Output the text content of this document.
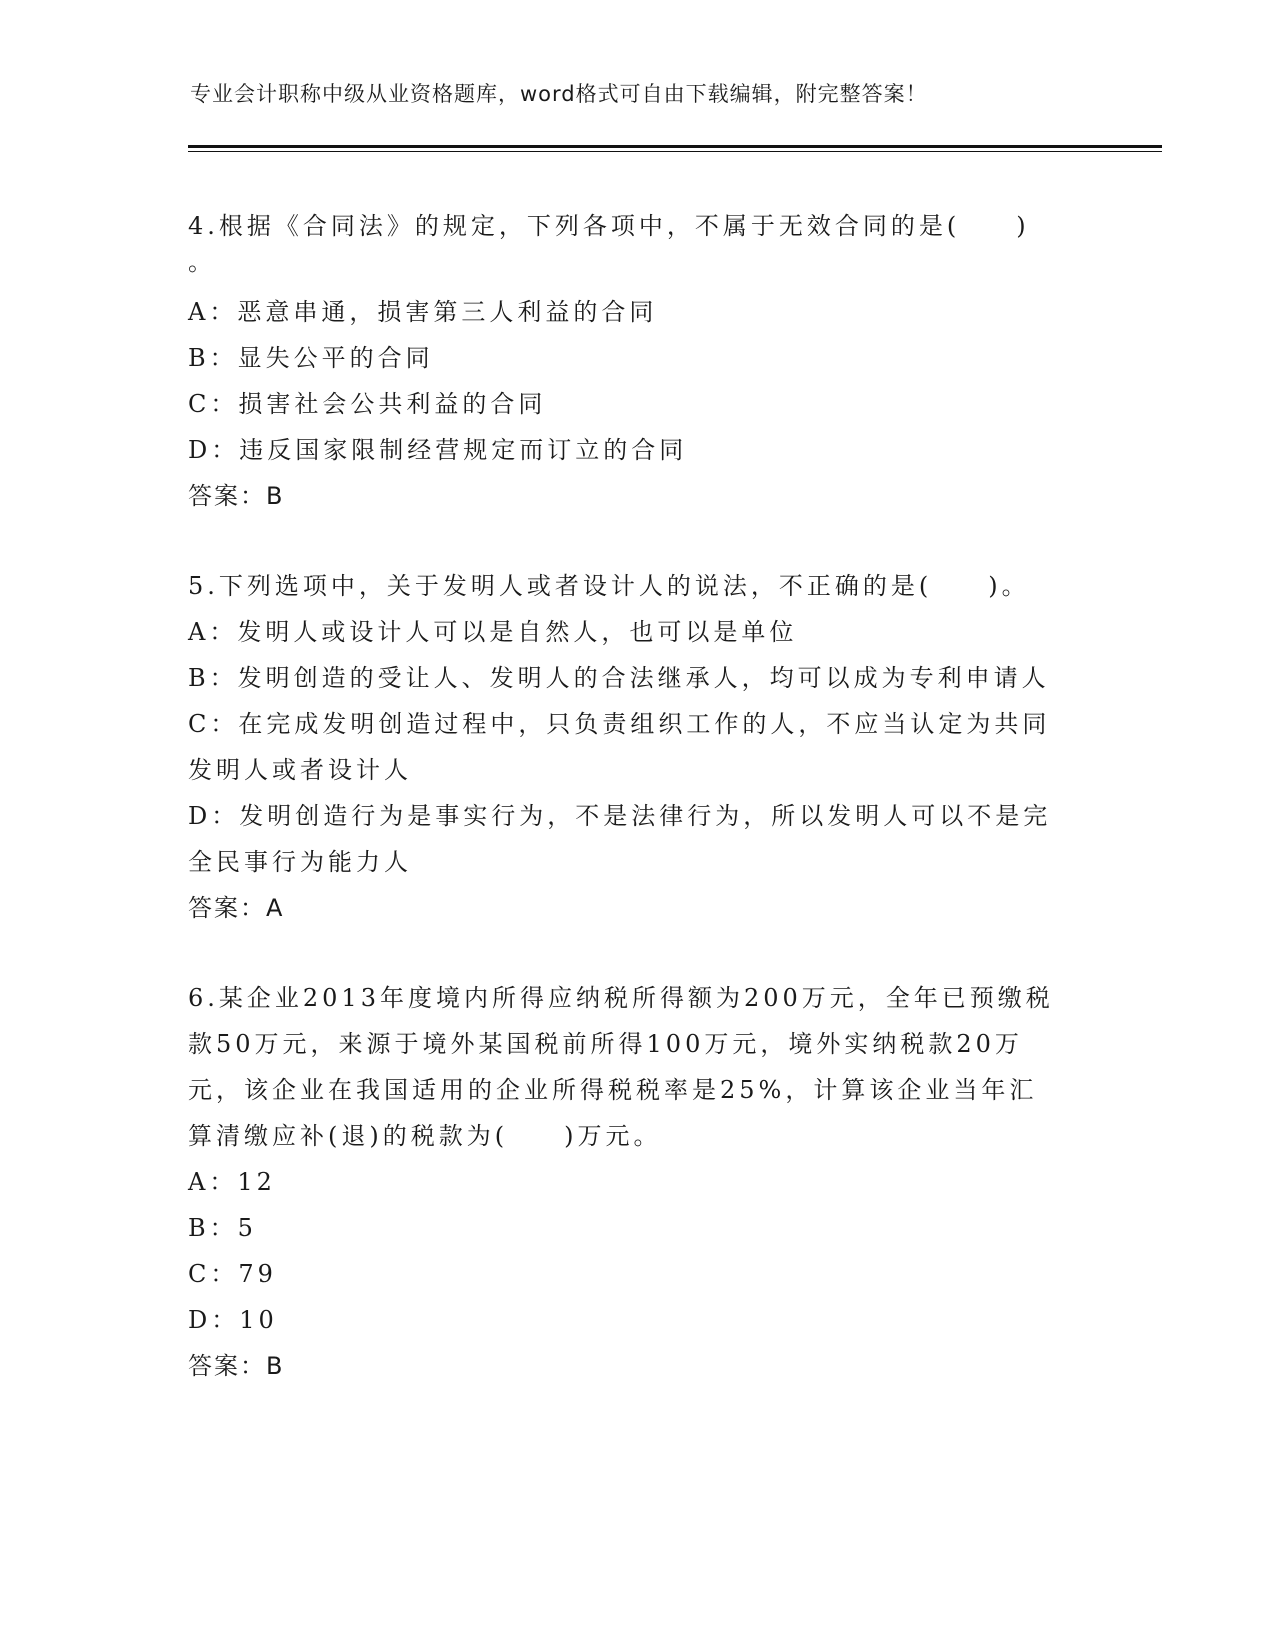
专业会计职称中级从业资格题库，word格式可自由下载编辑，附完整答案！
4.根据《合同法》的规定，下列各项中，不属于无效合同的是(　　)
。
A：恶意串通，损害第三人利益的合同
B：显失公平的合同
C：损害社会公共利益的合同
D：违反国家限制经营规定而订立的合同
答案：B
5.下列选项中，关于发明人或者设计人的说法，不正确的是(　　)。
A：发明人或设计人可以是自然人，也可以是单位
B：发明创造的受让人、发明人的合法继承人，均可以成为专利申请人
C：在完成发明创造过程中，只负责组织工作的人，不应当认定为共同
发明人或者设计人
D：发明创造行为是事实行为，不是法律行为，所以发明人可以不是完
全民事行为能力人
答案：A
6.某企业2013年度境内所得应纳税所得额为200万元，全年已预缴税
款50万元，来源于境外某国税前所得100万元，境外实纳税款20万
元，该企业在我国适用的企业所得税税率是25%，计算该企业当年汇
算清缴应补(退)的税款为(　　)万元。
A：12
B：5
C：79
D：10
答案：B
